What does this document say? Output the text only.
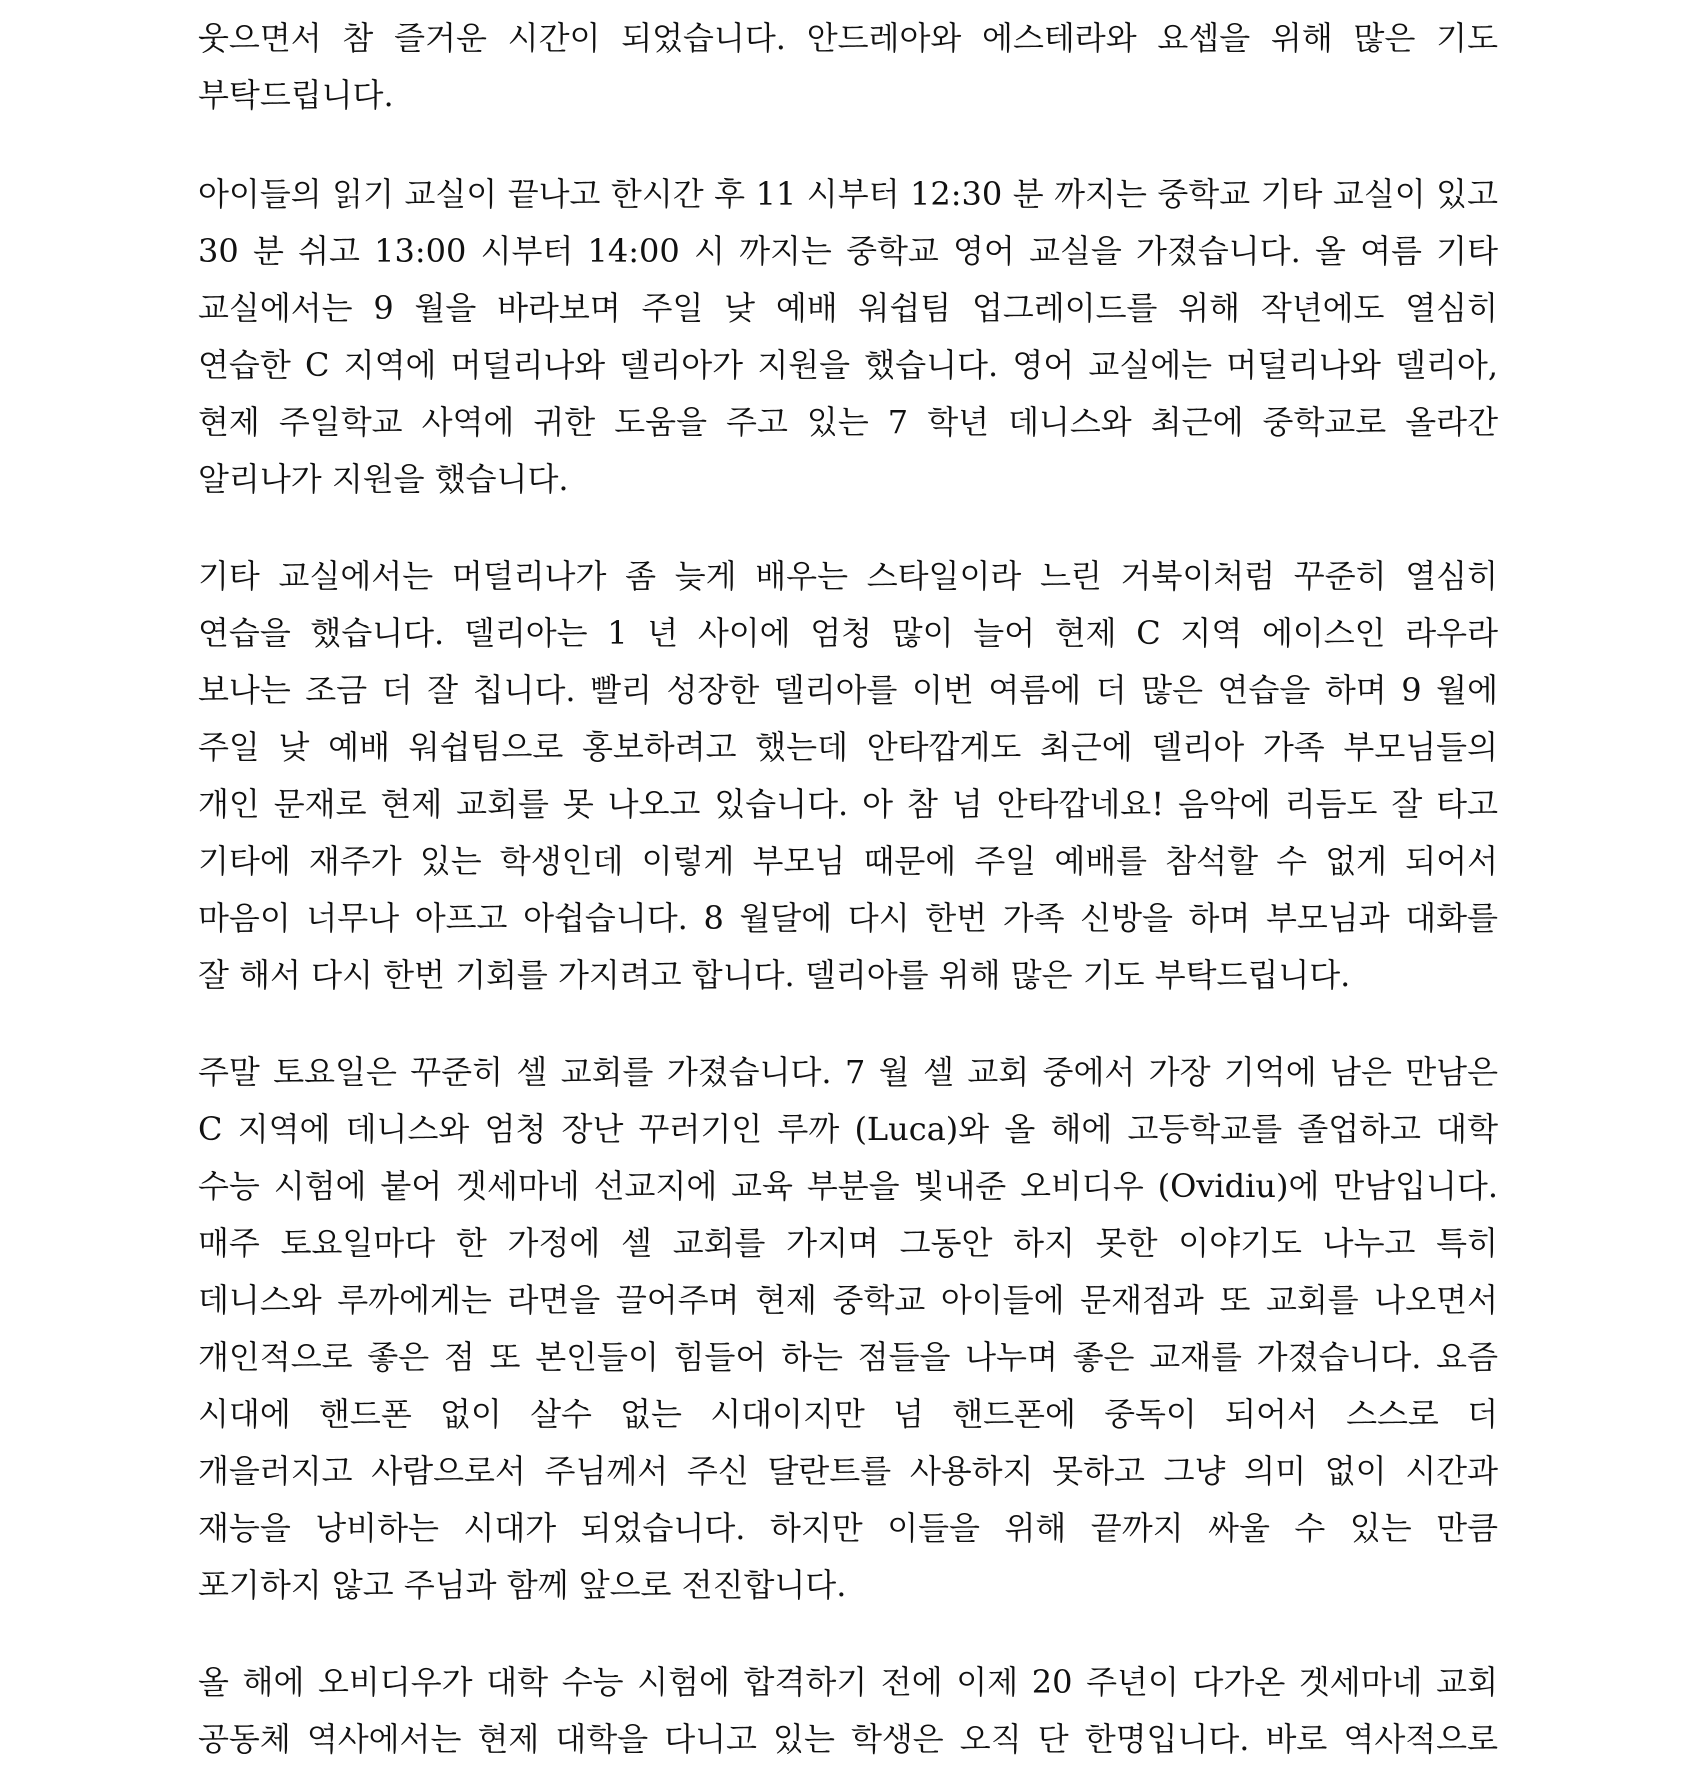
웃으면서 참 즐거운 시간이 되었습니다. 안드레아와 에스테라와 요셉을 위해 많은 기도
부탁드립니다.
아이들의 읽기 교실이 끝나고 한시간 후 11 시부터 12:30 분 까지는 중학교 기타 교실이 있고
30 분 쉬고 13:00 시부터 14:00 시 까지는 중학교 영어 교실을 가졌습니다. 올 여름 기타
교실에서는 9 월을 바라보며 주일 낮 예배 워쉽팀 업그레이드를 위해 작년에도 열심히
연습한 C 지역에 머덜리나와 델리아가 지원을 했습니다. 영어 교실에는 머덜리나와 델리아,
현제 주일학교 사역에 귀한 도움을 주고 있는 7 학년 데니스와 최근에 중학교로 올라간
알리나가 지원을 했습니다.
기타 교실에서는 머덜리나가 좀 늦게 배우는 스타일이라 느린 거북이처럼 꾸준히 열심히
연습을 했습니다. 델리아는 1 년 사이에 엄청 많이 늘어 현제 C 지역 에이스인 라우라
보나는 조금 더 잘 칩니다. 빨리 성장한 델리아를 이번 여름에 더 많은 연습을 하며 9 월에
주일 낮 예배 워쉽팀으로 홍보하려고 했는데 안타깝게도 최근에 델리아 가족 부모님들의
개인 문재로 현제 교회를 못 나오고 있습니다. 아 참 넘 안타깝네요! 음악에 리듬도 잘 타고
기타에 재주가 있는 학생인데 이렇게 부모님 때문에 주일 예배를 참석할 수 없게 되어서
마음이 너무나 아프고 아쉽습니다. 8 월달에 다시 한번 가족 신방을 하며 부모님과 대화를
잘 해서 다시 한번 기회를 가지려고 합니다. 델리아를 위해 많은 기도 부탁드립니다.
주말 토요일은 꾸준히 셀 교회를 가졌습니다. 7 월 셀 교회 중에서 가장 기억에 남은 만남은
C 지역에 데니스와 엄청 장난 꾸러기인 루까 (Luca)와 올 해에 고등학교를 졸업하고 대학
수능 시험에 붙어 겟세마네 선교지에 교육 부분을 빛내준 오비디우 (Ovidiu)에 만남입니다.
매주 토요일마다 한 가정에 셀 교회를 가지며 그동안 하지 못한 이야기도 나누고 특히
데니스와 루까에게는 라면을 끌어주며 현제 중학교 아이들에 문재점과 또 교회를 나오면서
개인적으로 좋은 점 또 본인들이 힘들어 하는 점들을 나누며 좋은 교재를 가졌습니다. 요즘
시대에 핸드폰 없이 살수 없는 시대이지만 넘 핸드폰에 중독이 되어서 스스로 더
개을러지고 사람으로서 주님께서 주신 달란트를 사용하지 못하고 그냥 의미 없이 시간과
재능을 낭비하는 시대가 되었습니다. 하지만 이들을 위해 끝까지 싸울 수 있는 만큼
포기하지 않고 주님과 함께 앞으로 전진합니다.
올 해에 오비디우가 대학 수능 시험에 합격하기 전에 이제 20 주년이 다가온 겟세마네 교회
공동체 역사에서는 현제 대학을 다니고 있는 학생은 오직 단 한명입니다. 바로 역사적으로
